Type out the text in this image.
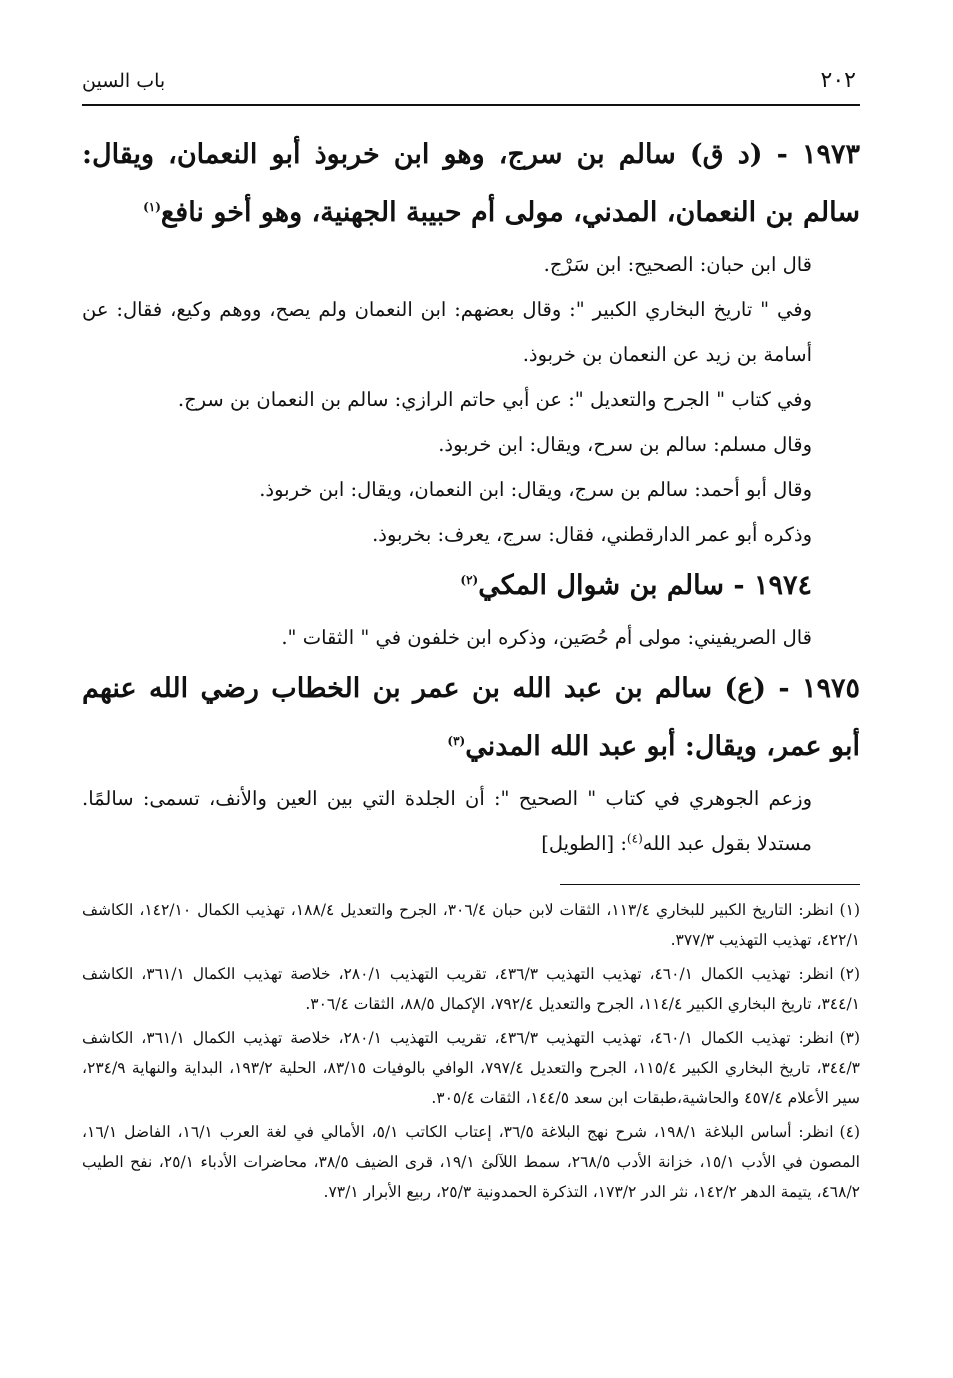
٢٠٢
باب السين

١٩٧٣ - (د ق) سالم بن سرج، وهو ابن خربوذ أبو النعمان، ويقال: سالم بن النعمان، المدني، مولى أم حبيبة الجهنية، وهو أخو نافع$^{(١)}$

قال ابن حبان: الصحيح: ابن سَرْج.

وفي " تاريخ البخاري الكبير ": وقال بعضهم: ابن النعمان ولم يصح، ووهم وكيع، فقال: عن أسامة بن زيد عن النعمان بن خربوذ.

وفي كتاب " الجرح والتعديل ": عن أبي حاتم الرازي: سالم بن النعمان بن سرج.

وقال مسلم: سالم بن سرح، ويقال: ابن خربوذ.

وقال أبو أحمد: سالم بن سرج، ويقال: ابن النعمان، ويقال: ابن خربوذ.

وذكره أبو عمر الدارقطني، فقال: سرج، يعرف: بخربوذ.

١٩٧٤ - سالم بن شوال المكي$^{(٢)}$

قال الصريفيني: مولى أم حُصَين، وذكره ابن خلفون في " الثقات ".

١٩٧٥ - (ع) سالم بن عبد الله بن عمر بن الخطاب رضي الله عنهم أبو عمر، ويقال: أبو عبد الله المدني$^{(٣)}$

وزعم الجوهري في كتاب " الصحيح ": أن الجلدة التي بين العين والأنف، تسمى: سالمًا. مستدلا بقول عبد الله$^{(٤)}$: [الطويل]

(١)انظر: التاريخ الكبير للبخاري ١١٣/٤، الثقات لابن حبان ٣٠٦/٤، الجرح والتعديل ١٨٨/٤، تهذيب الكمال ١٤٢/١٠، الكاشف ٤٢٢/١، تهذيب التهذيب ٣٧٧/٣.

(٢)انظر: تهذيب الكمال ٤٦٠/١، تهذيب التهذيب ٤٣٦/٣، تقريب التهذيب ٢٨٠/١، خلاصة تهذيب الكمال ٣٦١/١، الكاشف ٣٤٤/١، تاريخ البخاري الكبير ١١٤/٤، الجرح والتعديل ٧٩٢/٤، الإكمال ٨٨/٥، الثقات ٣٠٦/٤.

(٣)انظر: تهذيب الكمال ٤٦٠/١، تهذيب التهذيب ٤٣٦/٣، تقريب التهذيب ٢٨٠/١، خلاصة تهذيب الكمال ٣٦١/١، الكاشف ٣٤٤/٣، تاريخ البخاري الكبير ١١٥/٤، الجرح والتعديل ٧٩٧/٤، الوافي بالوفيات ٨٣/١٥، الحلية ١٩٣/٢، البداية والنهاية ٢٣٤/٩، سير الأعلام ٤٥٧/٤ والحاشية،طبقات ابن سعد ١٤٤/٥، الثقات ٣٠٥/٤.

(٤)انظر: أساس البلاغة ١٩٨/١، شرح نهج البلاغة ٣٦/٥، إعتاب الكاتب ٥/١، الأمالي في لغة العرب ١٦/١، الفاضل ١٦/١، المصون في الأدب ١٥/١، خزانة الأدب ٢٦٨/٥، سمط اللآلئ ١٩/١، قرى الضيف ٣٨/٥، محاضرات الأدباء ٢٥/١، نفح الطيب ٤٦٨/٢، يتيمة الدهر ١٤٢/٢، نثر الدر ١٧٣/٢، التذكرة الحمدونية ٢٥/٣، ربيع الأبرار ٧٣/١.
